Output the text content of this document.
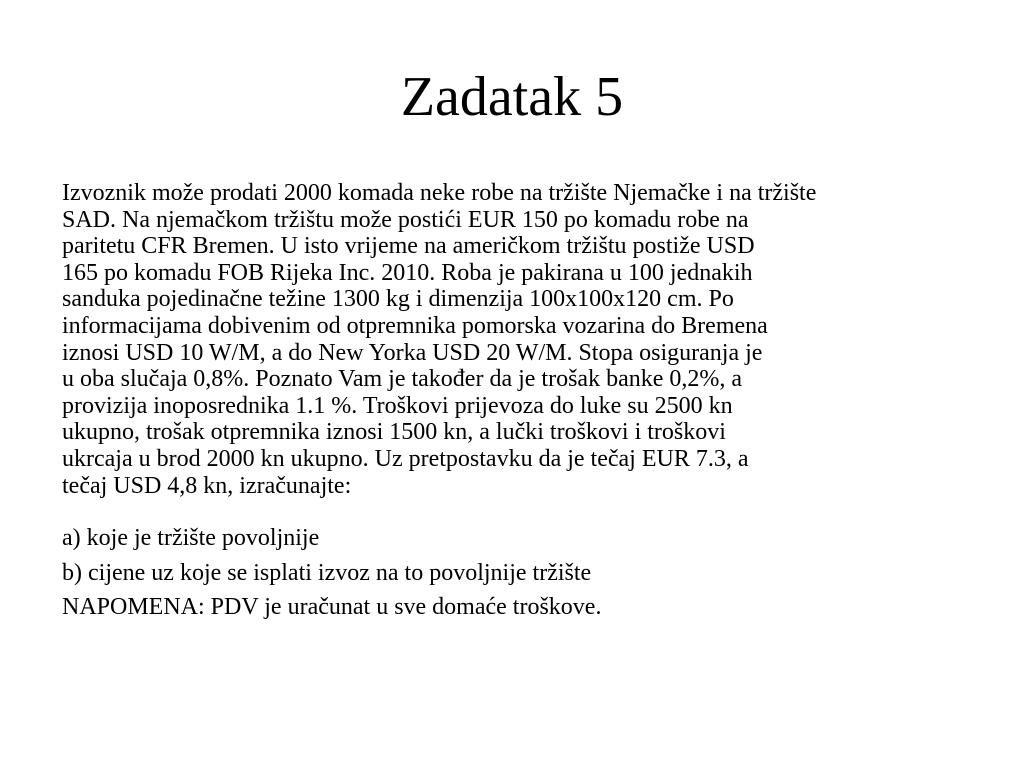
Zadatak 5

Izvoznik može prodati 2000 komada neke robe na tržište Njemačke i na tržište
SAD. Na njemačkom tržištu može postići EUR 150 po komadu robe na
paritetu CFR Bremen. U isto vrijeme na američkom tržištu postiže USD
165 po komadu FOB Rijeka Inc. 2010. Roba je pakirana u 100 jednakih
sanduka pojedinačne težine 1300 kg i dimenzija 100x100x120 cm. Po
informacijama dobivenim od otpremnika pomorska vozarina do Bremena
iznosi USD 10 W/M, a do New Yorka USD 20 W/M. Stopa osiguranja je
u oba slučaja 0,8%. Poznato Vam je također da je trošak banke 0,2%, a
provizija inoposrednika 1.1 %. Troškovi prijevoza do luke su 2500 kn
ukupno, trošak otpremnika iznosi 1500 kn, a lučki troškovi i troškovi
ukrcaja u brod 2000 kn ukupno. Uz pretpostavku da je tečaj EUR 7.3, a
tečaj USD 4,8 kn, izračunajte:

a) koje je tržište povoljnije

b) cijene uz koje se isplati izvoz na to povoljnije tržište

NAPOMENA: PDV je uračunat u sve domaće troškove.
